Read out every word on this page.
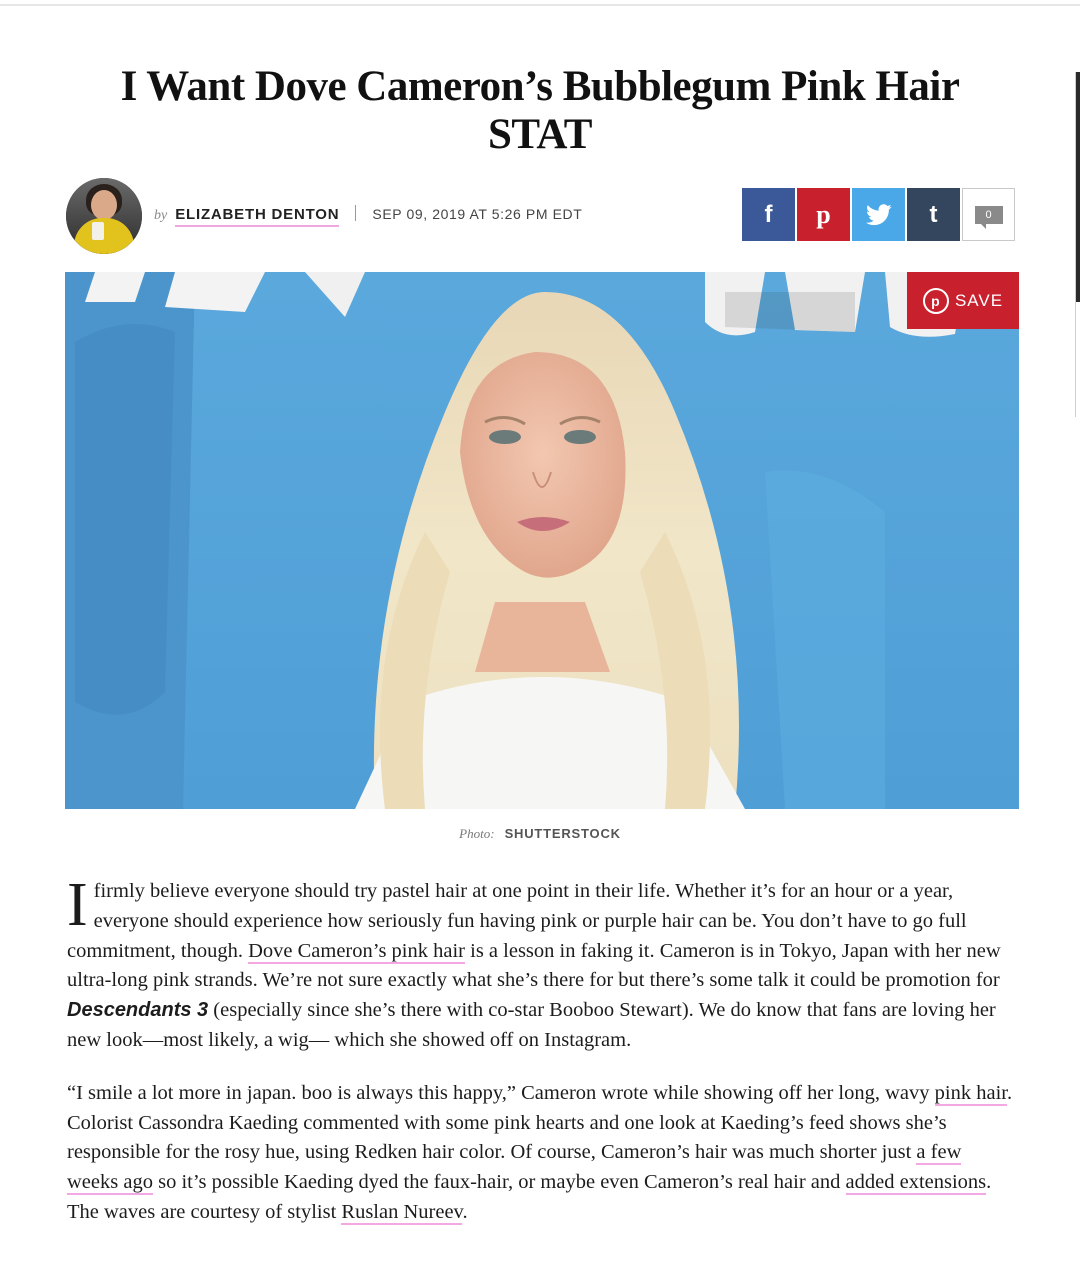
I Want Dove Cameron’s Bubblegum Pink Hair STAT
by ELIZABETH DENTON SEP 09, 2019 AT 5:26 PM EDT	f p	t	0
p SAVE
Photo: SHUTTERSTOCK

I firmly believe everyone should try pastel hair at one point in their life. Whether it’s for an hour or a year, everyone should experience how seriously fun having pink or purple hair can be. You don’t have to go full commitment, though. Dove Cameron’s pink hair is a lesson in faking it. Cameron is in Tokyo, Japan with her new ultra-long pink strands. We’re not sure exactly what she’s there for but there’s some talk it could be promotion for Descendants 3 (especially since she’s there with co-star Booboo Stewart). We do know that fans are loving her new look—most likely, a wig— which she showed off on Instagram.

“I smile a lot more in japan. boo is always this happy,” Cameron wrote while showing off her long, wavy pink hair. Colorist Cassondra Kaeding commented with some pink hearts and one look at Kaeding’s feed shows she’s responsible for the rosy hue, using Redken hair color. Of course, Cameron’s hair was much shorter just a few weeks ago so it’s possible Kaeding dyed the faux-hair, or maybe even Cameron’s real hair and added extensions. The waves are courtesy of stylist Ruslan Nureev.
